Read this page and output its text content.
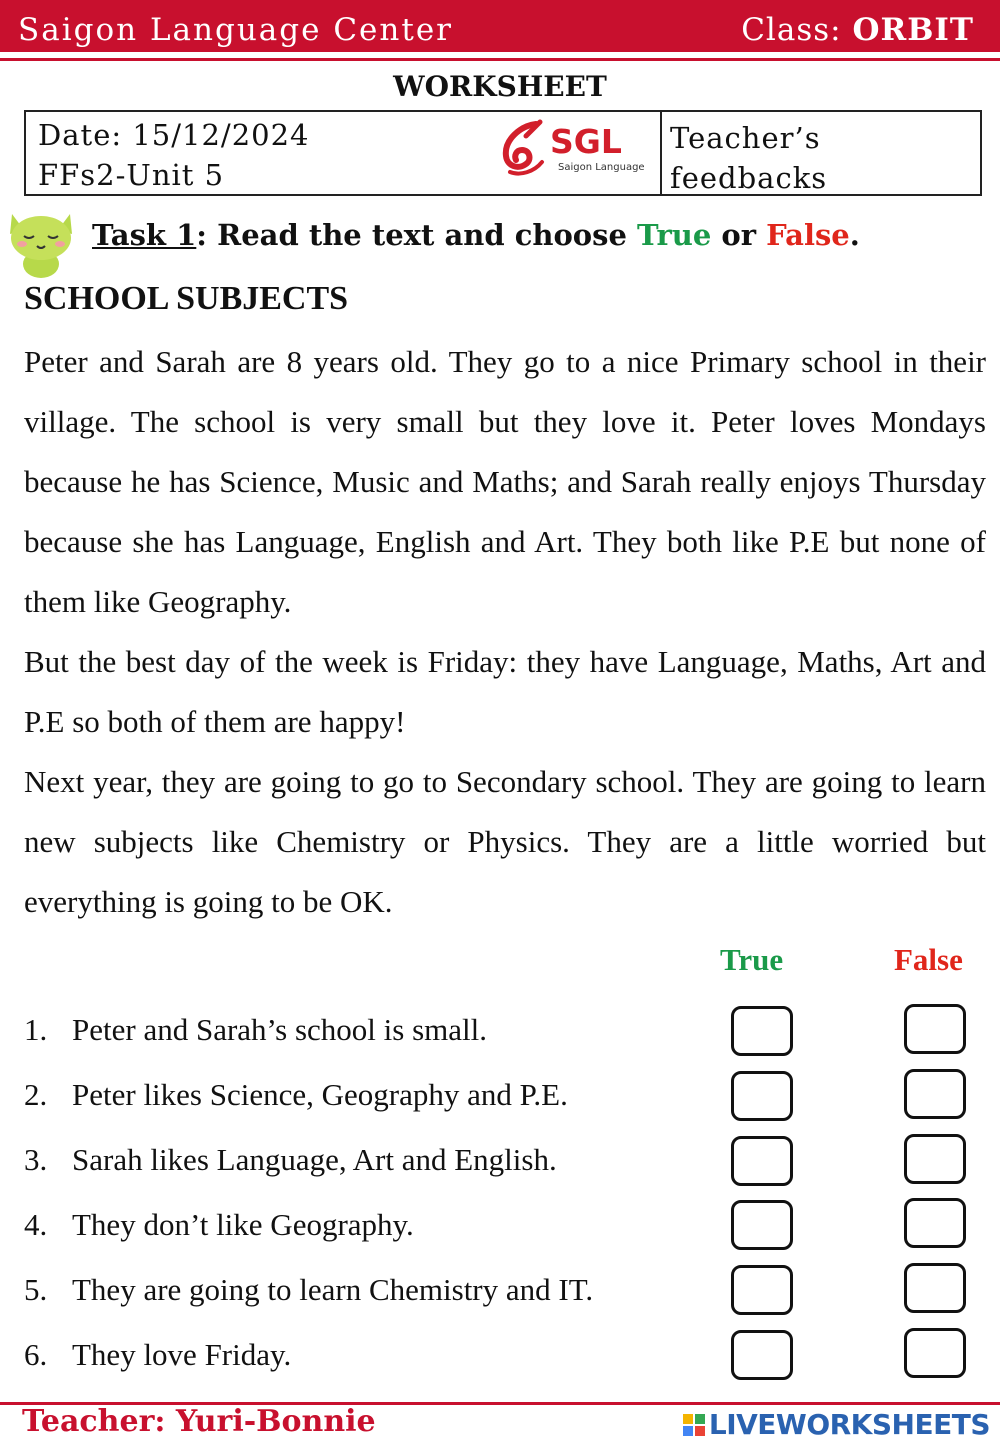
Saigon Language Center	Class: ORBIT
WORKSHEET
Date: 15/12/2024
FFs2-Unit 5
SGL
Saigon Language
Teacher’s
feedbacks
Task 1: Read the text and choose True or False.
SCHOOL SUBJECTS

Peter and Sarah are 8 years old. They go to a nice Primary school in their village. The school is very small but they love it. Peter loves Mondays because he has Science, Music and Maths; and Sarah really enjoys Thursday because she has Language, English and Art. They both like P.E but none of them like Geography.

But the best day of the week is Friday: they have Language, Maths, Art and P.E so both of them are happy!

Next year, they are going to go to Secondary school. They are going to learn new subjects like Chemistry or Physics. They are a little worried but everything is going to be OK.

True	False
1. Peter and Sarah’s school is small.
2. Peter likes Science, Geography and P.E.
3. Sarah likes Language, Art and English.
4. They don’t like Geography.
5. They are going to learn Chemistry and IT.
6. They love Friday.
Teacher: Yuri-Bonnie	LIVEWORKSHEETS
